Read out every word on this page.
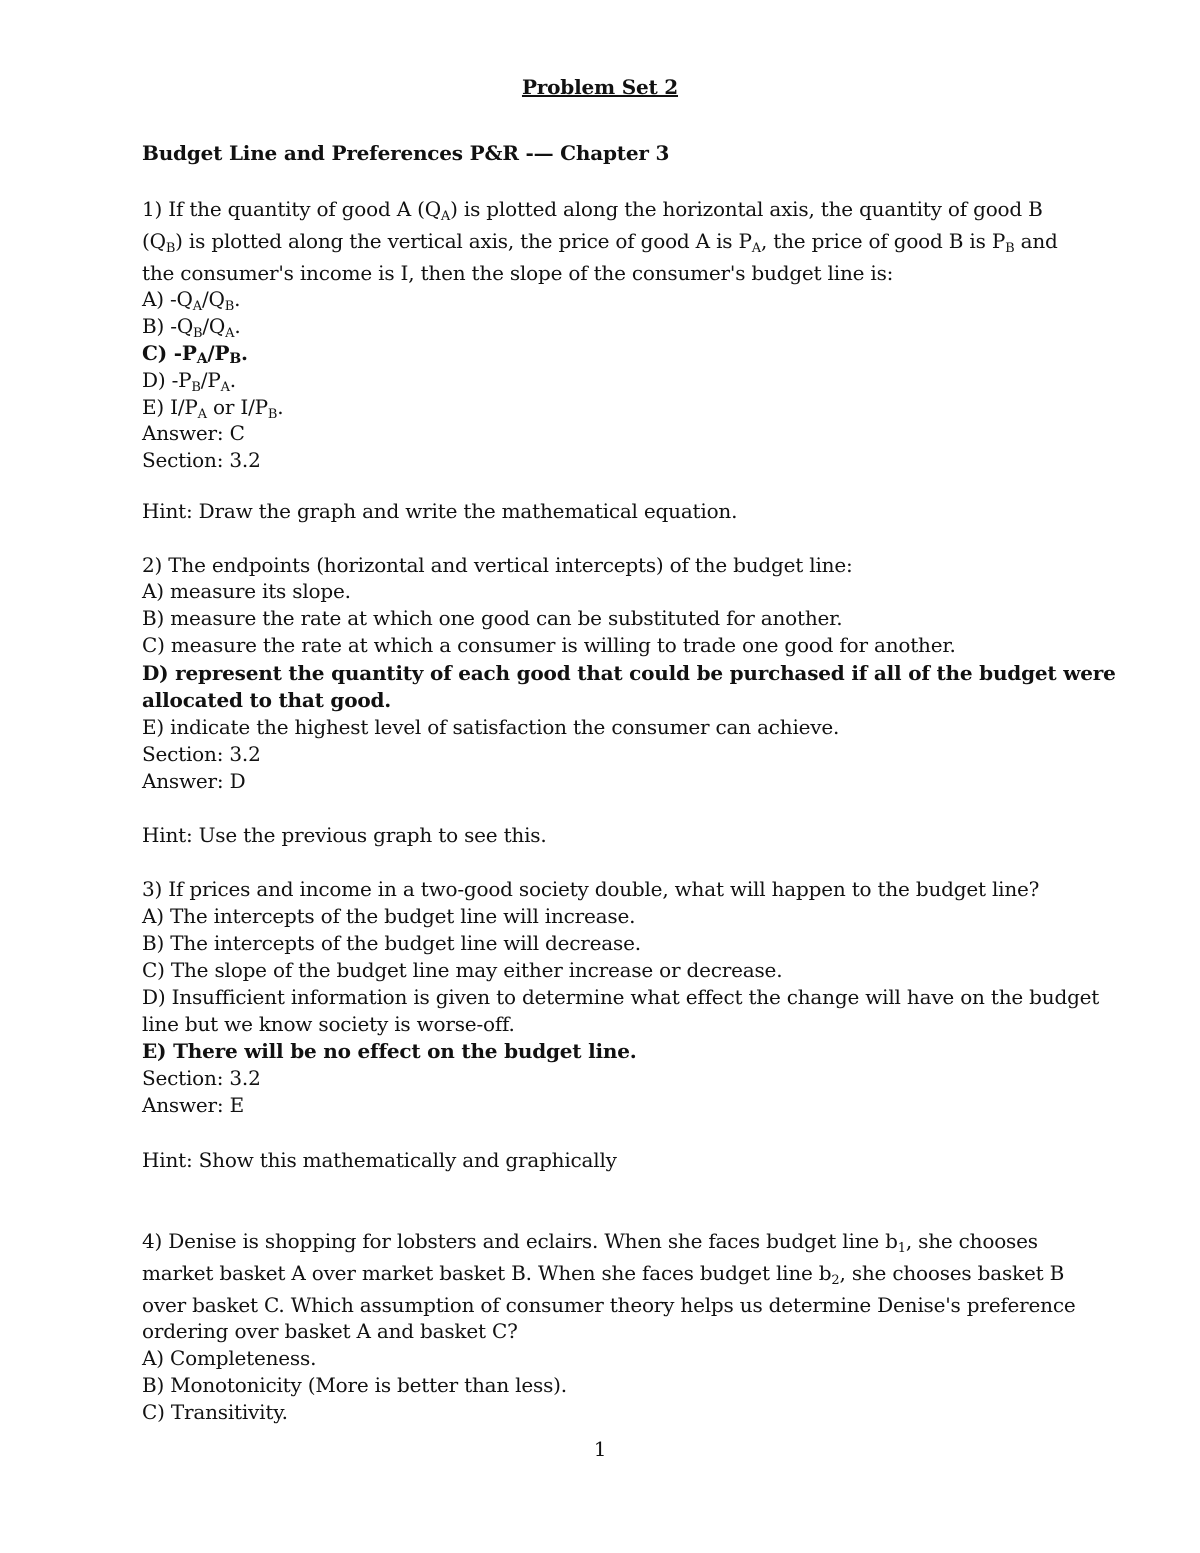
Problem Set 2
Budget Line and Preferences P&R -— Chapter 3
1) If the quantity of good A $(Q_A)$ is plotted along the horizontal axis, the quantity of good B
$(Q_B)$ is plotted along the vertical axis, the price of good A is $P_A$, the price of good B is $P_B$ and
the consumer's income is I, then the slope of the consumer's budget line is:
A) $-Q_A/Q_B$.
B) $-Q_B/Q_A$.
C) $-P_A/P_B$.
D) $-P_B/P_A$.
E) $I/P_A$ or $I/P_B$.
Answer: C
Section: 3.2
Hint: Draw the graph and write the mathematical equation.
2) The endpoints (horizontal and vertical intercepts) of the budget line:
A) measure its slope.
B) measure the rate at which one good can be substituted for another.
C) measure the rate at which a consumer is willing to trade one good for another.
D) represent the quantity of each good that could be purchased if all of the budget were
allocated to that good.
E) indicate the highest level of satisfaction the consumer can achieve.
Section: 3.2
Answer: D
Hint: Use the previous graph to see this.
3) If prices and income in a two-good society double, what will happen to the budget line?
A) The intercepts of the budget line will increase.
B) The intercepts of the budget line will decrease.
C) The slope of the budget line may either increase or decrease.
D) Insufficient information is given to determine what effect the change will have on the budget
line but we know society is worse-off.
E) There will be no effect on the budget line.
Section: 3.2
Answer: E
Hint: Show this mathematically and graphically
4) Denise is shopping for lobsters and eclairs. When she faces budget line $b_1$, she chooses
market basket A over market basket B. When she faces budget line $b_2$, she chooses basket B
over basket C. Which assumption of consumer theory helps us determine Denise's preference
ordering over basket A and basket C?
A) Completeness.
B) Monotonicity (More is better than less).
C) Transitivity.
1
